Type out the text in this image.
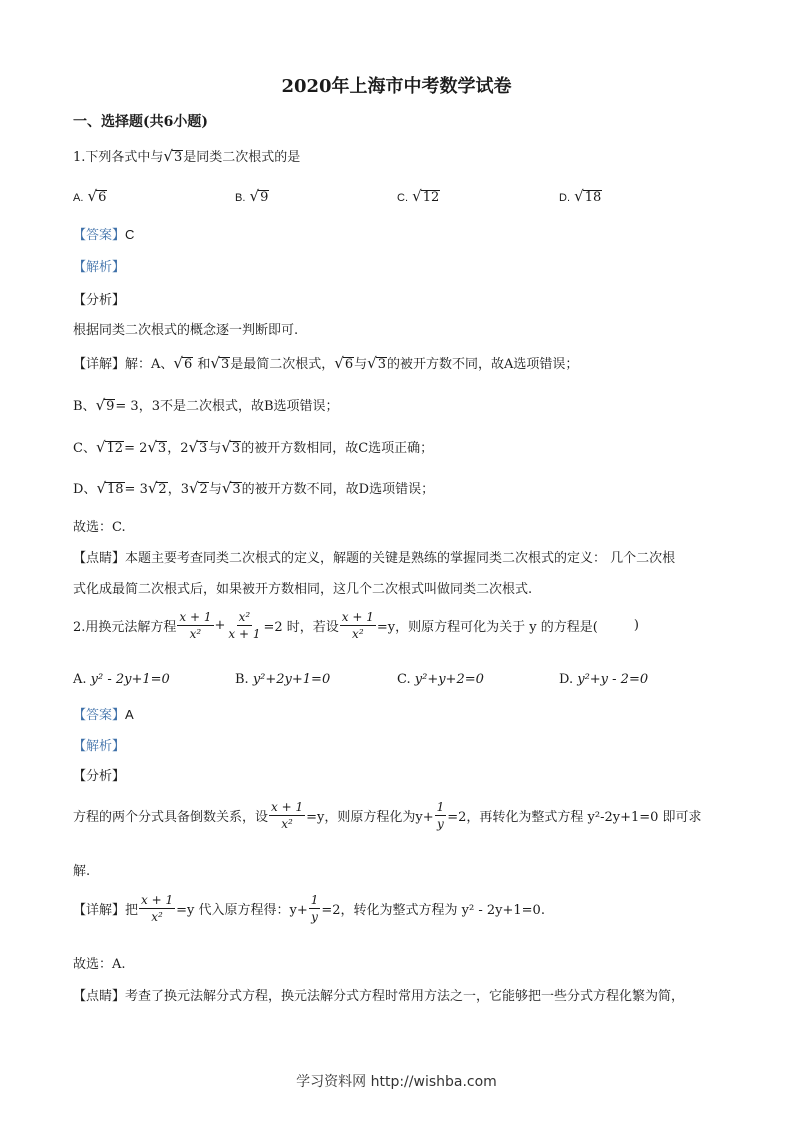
2020年上海市中考数学试卷
一、选择题(共6小题)
1.下列各式中与√3是同类二次根式的是
A. √6	B. √9	C. √12	D. √18
【答案】C
【解析】
【分析】
根据同类二次根式的概念逐一判断即可.
【详解】解：A、√6 和√3是最简二次根式，√6与√3的被开方数不同，故A选项错误；
B、√9= 3，3不是二次根式，故B选项错误；
C、√12= 2√3，2√3与√3的被开方数相同，故C选项正确；
D、√18= 3√2，3√2与√3的被开方数不同，故D选项错误；
故选：C.
【点睛】本题主要考查同类二次根式的定义，解题的关键是熟练的掌握同类二次根式的定义： 几个二次根
式化成最简二次根式后，如果被开方数相同，这几个二次根式叫做同类二次根式.
2.用换元法解方程 $\frac{x + 1}{\text{x²}} + \frac{\text{x²}}{x + 1} =2$ 时，若设 $\frac{x + 1}{\text{x²}} =y$，则原方程可化为关于 y 的方程是(	)
A. y² - 2y+1=0	B. y²+2y+1=0	C. y²+y+2=0	D. y²+y - 2=0
【答案】A
【解析】
【分析】
方程的两个分式具备倒数关系，设 $\frac{x + 1}{\text{x²}} =y$，则原方程化为$y+ \frac{1}{y} =2$，再转化为整式方程 y²-2y+1=0 即可求
解.
【详解】 把 $\frac{x + 1}{\text{x²}} =y$ 代入原方程得：$y+ \frac{1}{y} =2$，转化为整式方程为 y² - 2y+1=0.
故选：A.
【点睛】考查了换元法解分式方程，换元法解分式方程时常用方法之一，它能够把一些分式方程化繁为简，
学习资料网 http://wishba.com
